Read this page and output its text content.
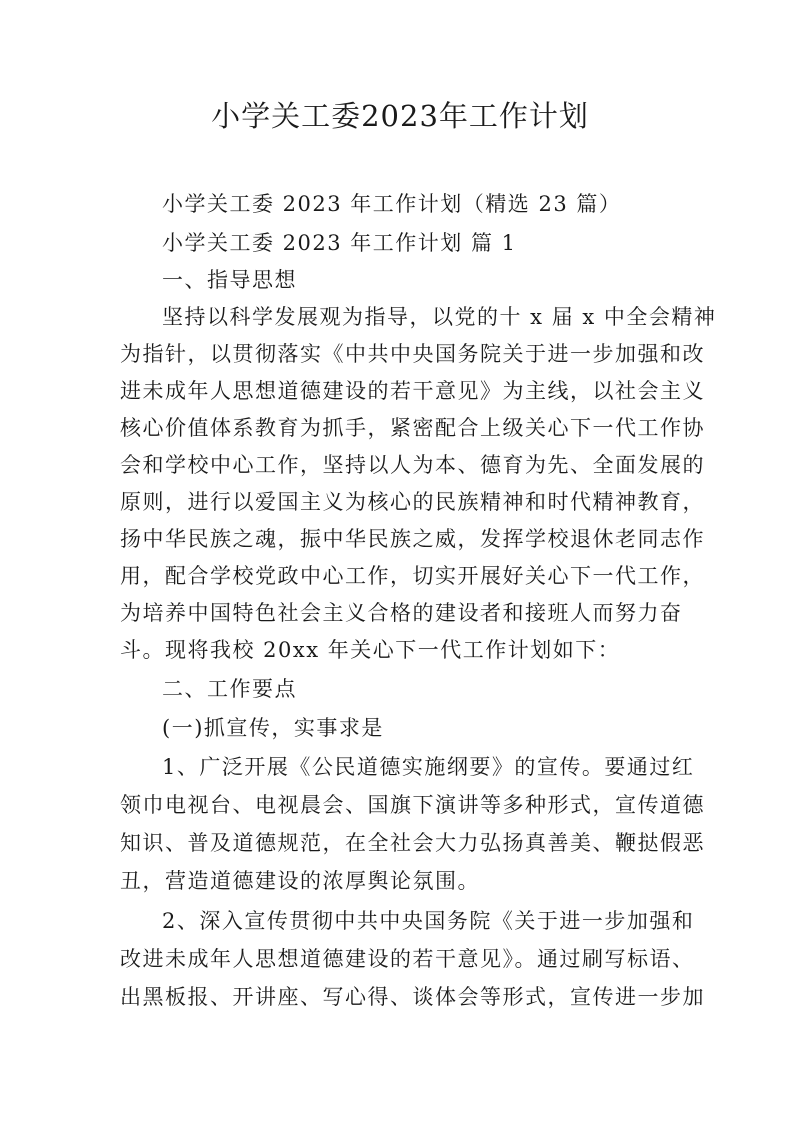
小学关工委2023年工作计划
小学关工委 2023 年工作计划（精选 23 篇）
小学关工委 2023 年工作计划 篇 1
一、指导思想
坚持以科学发展观为指导，以党的十 x 届 x 中全会精神
为指针，以贯彻落实《中共中央国务院关于进一步加强和改
进未成年人思想道德建设的若干意见》为主线，以社会主义
核心价值体系教育为抓手，紧密配合上级关心下一代工作协
会和学校中心工作，坚持以人为本、德育为先、全面发展的
原则，进行以爱国主义为核心的民族精神和时代精神教育，
扬中华民族之魂，振中华民族之威，发挥学校退休老同志作
用，配合学校党政中心工作，切实开展好关心下一代工作，
为培养中国特色社会主义合格的建设者和接班人而努力奋
斗。现将我校 20xx 年关心下一代工作计划如下：
二、工作要点
(一)抓宣传，实事求是
1、广泛开展《公民道德实施纲要》的宣传。要通过红
领巾电视台、电视晨会、国旗下演讲等多种形式，宣传道德
知识、普及道德规范，在全社会大力弘扬真善美、鞭挞假恶
丑，营造道德建设的浓厚舆论氛围。
2、深入宣传贯彻中共中央国务院《关于进一步加强和
改进未成年人思想道德建设的若干意见》。通过刷写标语、
出黑板报、开讲座、写心得、谈体会等形式，宣传进一步加
